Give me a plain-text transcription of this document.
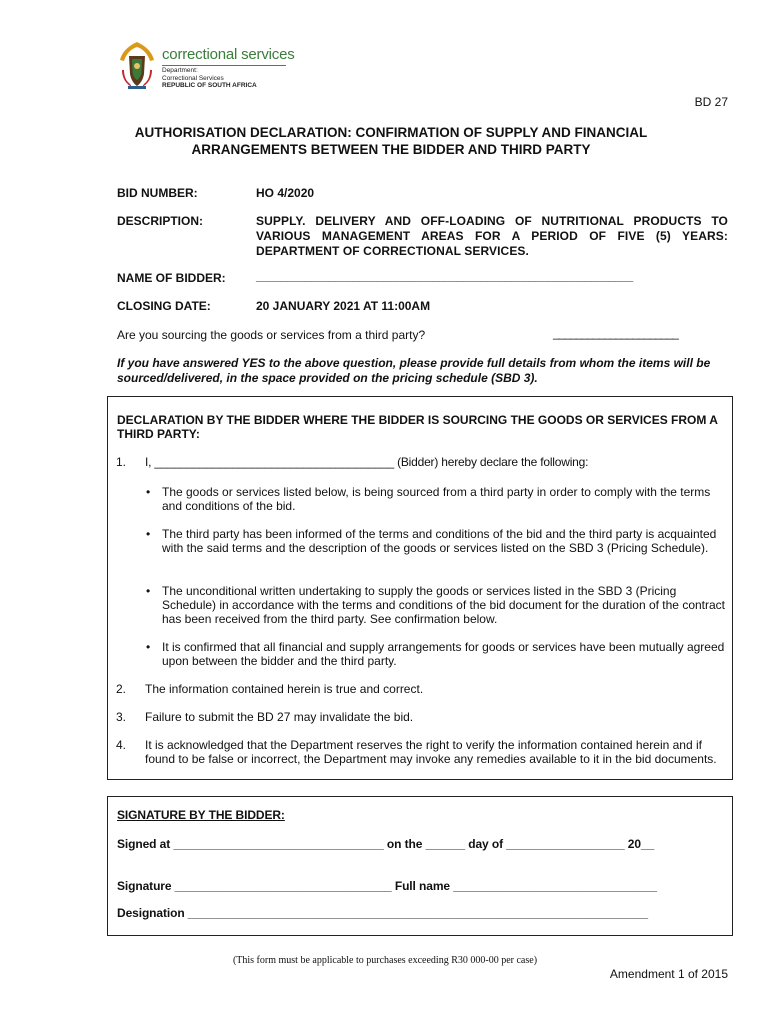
correctional services
Department:
Correctional Services
REPUBLIC OF SOUTH AFRICA
BD 27
AUTHORISATION DECLARATION: CONFIRMATION OF SUPPLY AND FINANCIAL
ARRANGEMENTS BETWEEN THE BIDDER AND THIRD PARTY
BID NUMBER:	HO 4/2020
DESCRIPTION:	SUPPLY. DELIVERY AND OFF-LOADING OF NUTRITIONAL PRODUCTS TO VARIOUS MANAGEMENT AREAS FOR A PERIOD OF FIVE (5) YEARS: DEPARTMENT OF CORRECTIONAL SERVICES.
NAME OF BIDDER:	______________________________________________________________
CLOSING DATE:	20 JANUARY 2021 AT 11:00AM
Are you sourcing the goods or services from a third party?	______________________
If you have answered YES to the above question, please provide full details from whom the items will be sourced/delivered, in the space provided on the pricing schedule (SBD 3).
DECLARATION BY THE BIDDER WHERE THE BIDDER IS SOURCING THE GOODS OR SERVICES FROM A THIRD PARTY:
1. I, _____________________________________ (Bidder) hereby declare the following:
• The goods or services listed below, is being sourced from a third party in order to comply with the terms and conditions of the bid.
• The third party has been informed of the terms and conditions of the bid and the third party is acquainted with the said terms and the description of the goods or services listed on the SBD 3 (Pricing Schedule).
• The unconditional written undertaking to supply the goods or services listed in the SBD 3 (Pricing Schedule) in accordance with the terms and conditions of the bid document for the duration of the contract has been received from the third party. See confirmation below.
• It is confirmed that all financial and supply arrangements for goods or services have been mutually agreed upon between the bidder and the third party.
2. The information contained herein is true and correct.
3. Failure to submit the BD 27 may invalidate the bid.
4. It is acknowledged that the Department reserves the right to verify the information contained herein and if found to be false or incorrect, the Department may invoke any remedies available to it in the bid documents.
SIGNATURE BY THE BIDDER:
Signed at ________________________________ on the ______ day of __________________ 20__
Signature _________________________________ Full name _______________________________
Designation ______________________________________________________________________
(This form must be applicable to purchases exceeding R30 000-00 per case)
Amendment 1 of 2015
